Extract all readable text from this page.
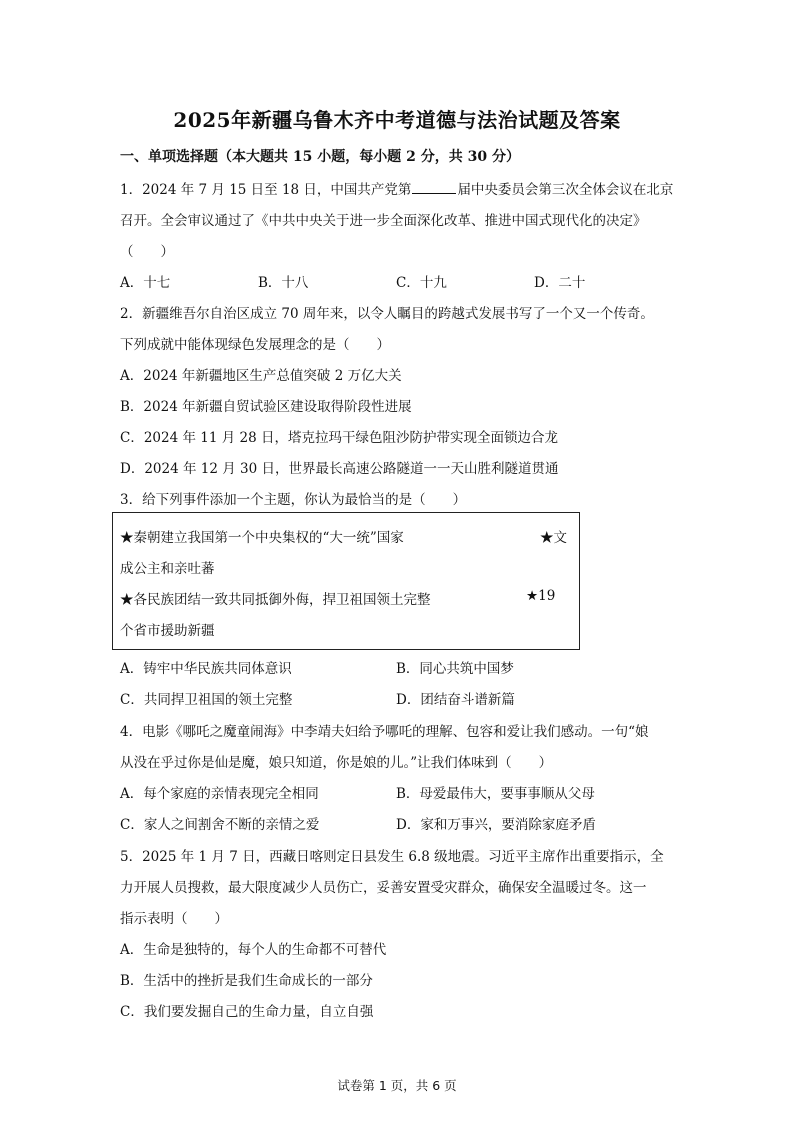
2025年新疆乌鲁木齐中考道德与法治试题及答案
一、单项选择题（本大题共 15 小题，每小题 2 分，共 30 分）
1．2024 年 7 月 15 日至 18 日，中国共产党第	届中央委员会第三次全体会议在北京
召开。全会审议通过了《中共中央关于进一步全面深化改革、推进中国式现代化的决定》
（　　）
A．十七	B．十八	C．十九	D．二十
2．新疆维吾尔自治区成立 70 周年来，以令人瞩目的跨越式发展书写了一个又一个传奇。
下列成就中能体现绿色发展理念的是（　　）
A．2024 年新疆地区生产总值突破 2 万亿大关
B．2024 年新疆自贸试验区建设取得阶段性进展
C．2024 年 11 月 28 日，塔克拉玛干绿色阻沙防护带实现全面锁边合龙
D．2024 年 12 月 30 日，世界最长高速公路隧道一一天山胜利隧道贯通
3．给下列事件添加一个主题，你认为最恰当的是（　　）
★秦朝建立我国第一个中央集权的“大一统”国家	★文
成公主和亲吐蕃
★各民族团结一致共同抵御外侮，捍卫祖国领土完整	★19
个省市援助新疆
A．铸牢中华民族共同体意识	B．同心共筑中国梦
C．共同捍卫祖国的领土完整	D．团结奋斗谱新篇
4．电影《哪吒之魔童闹海》中李靖夫妇给予哪吒的理解、包容和爱让我们感动。一句“娘
从没在乎过你是仙是魔，娘只知道，你是娘的儿。”让我们体味到（　　）
A．每个家庭的亲情表现完全相同	B．母爱最伟大，要事事顺从父母
C．家人之间割舍不断的亲情之爱	D．家和万事兴，要消除家庭矛盾
5．2025 年 1 月 7 日，西藏日喀则定日县发生 6.8 级地震。习近平主席作出重要指示，全
力开展人员搜救，最大限度减少人员伤亡，妥善安置受灾群众，确保安全温暖过冬。这一
指示表明（　　）
A．生命是独特的，每个人的生命都不可替代
B．生活中的挫折是我们生命成长的一部分
C．我们要发掘自己的生命力量，自立自强
试卷第 1 页，共 6 页
